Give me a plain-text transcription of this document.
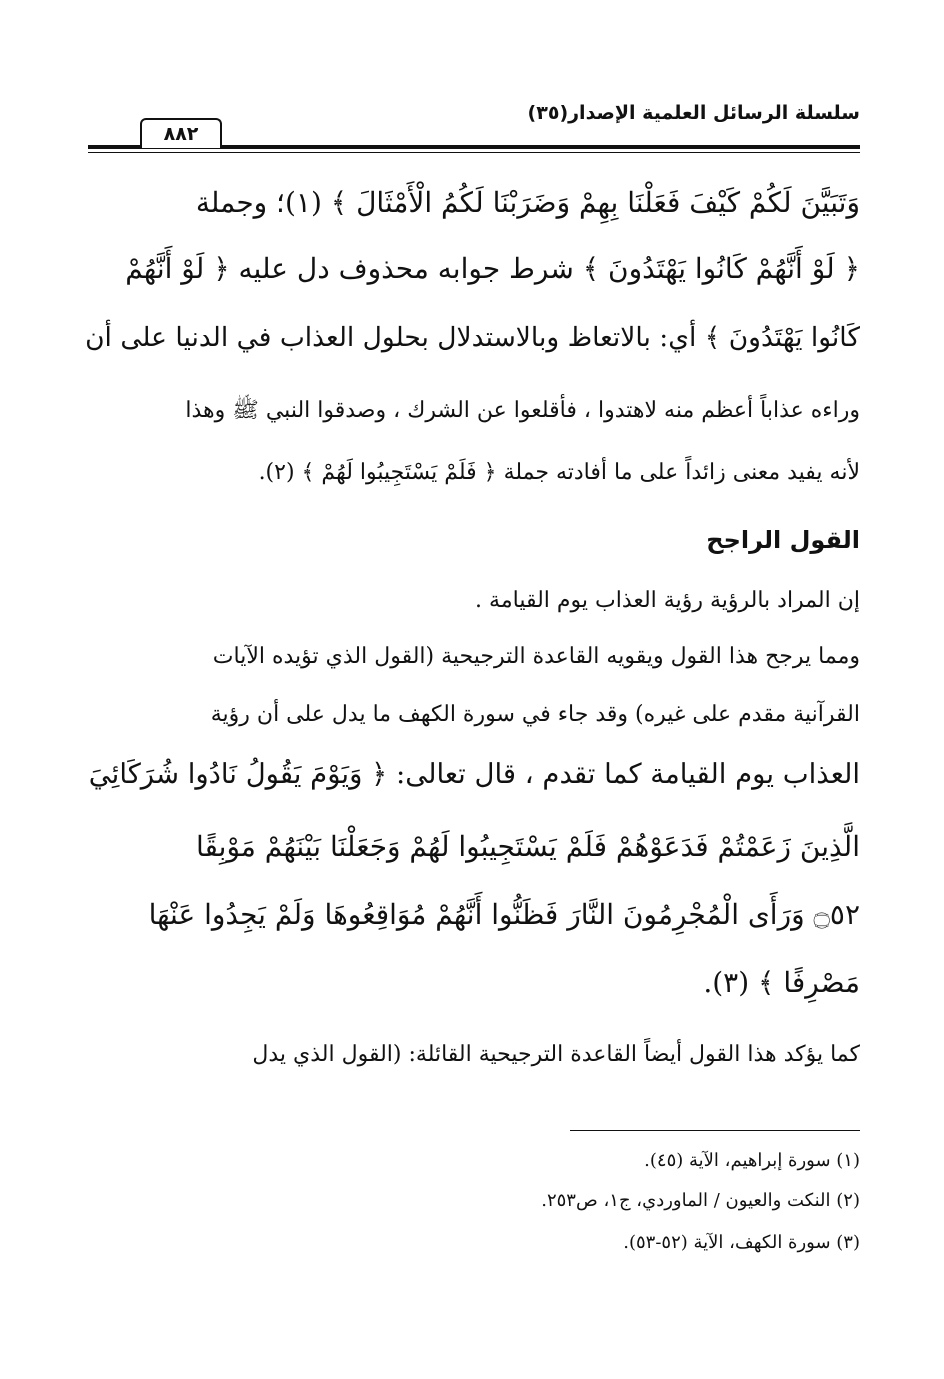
سلسلة الرسائل العلمية الإصدار(٣٥)
٨٨٢
وَتَبَيَّنَ لَكُمْ كَيْفَ فَعَلْنَا بِهِمْ وَضَرَبْنَا لَكُمُ الْأَمْثَالَ ﴾ (١)؛ وجملة
﴿ لَوْ أَنَّهُمْ كَانُوا يَهْتَدُونَ ﴾ شرط جوابه محذوف دل عليه ﴿ لَوْ أَنَّهُمْ
كَانُوا يَهْتَدُونَ ﴾ أي: بالاتعاظ وبالاستدلال بحلول العذاب في الدنيا على أن
وراءه عذاباً أعظم منه لاهتدوا ، فأقلعوا عن الشرك ، وصدقوا النبي ﷺ وهذا
لأنه يفيد معنى زائداً على ما أفادته جملة ﴿ فَلَمْ يَسْتَجِيبُوا لَهُمْ ﴾ (٢).
القول الراجح
إن المراد بالرؤية رؤية العذاب يوم القيامة .
ومما يرجح هذا القول ويقويه القاعدة الترجيحية (القول الذي تؤيده الآيات
القرآنية مقدم على غيره) وقد جاء في سورة الكهف ما يدل على أن رؤية
العذاب يوم القيامة كما تقدم ، قال تعالى: ﴿ وَيَوْمَ يَقُولُ نَادُوا شُرَكَائِيَ
الَّذِينَ زَعَمْتُمْ فَدَعَوْهُمْ فَلَمْ يَسْتَجِيبُوا لَهُمْ وَجَعَلْنَا بَيْنَهُمْ مَوْبِقًا
۝٥٢ وَرَأَى الْمُجْرِمُونَ النَّارَ فَظَنُّوا أَنَّهُمْ مُوَاقِعُوهَا وَلَمْ يَجِدُوا عَنْهَا
مَصْرِفًا ﴾ (٣).
كما يؤكد هذا القول أيضاً القاعدة الترجيحية القائلة: (القول الذي يدل
(١) سورة إبراهيم، الآية (٤٥).
(٢) النكت والعيون / الماوردي، ج١، ص٢٥٣.
(٣) سورة الكهف، الآية (٥٢-٥٣).
